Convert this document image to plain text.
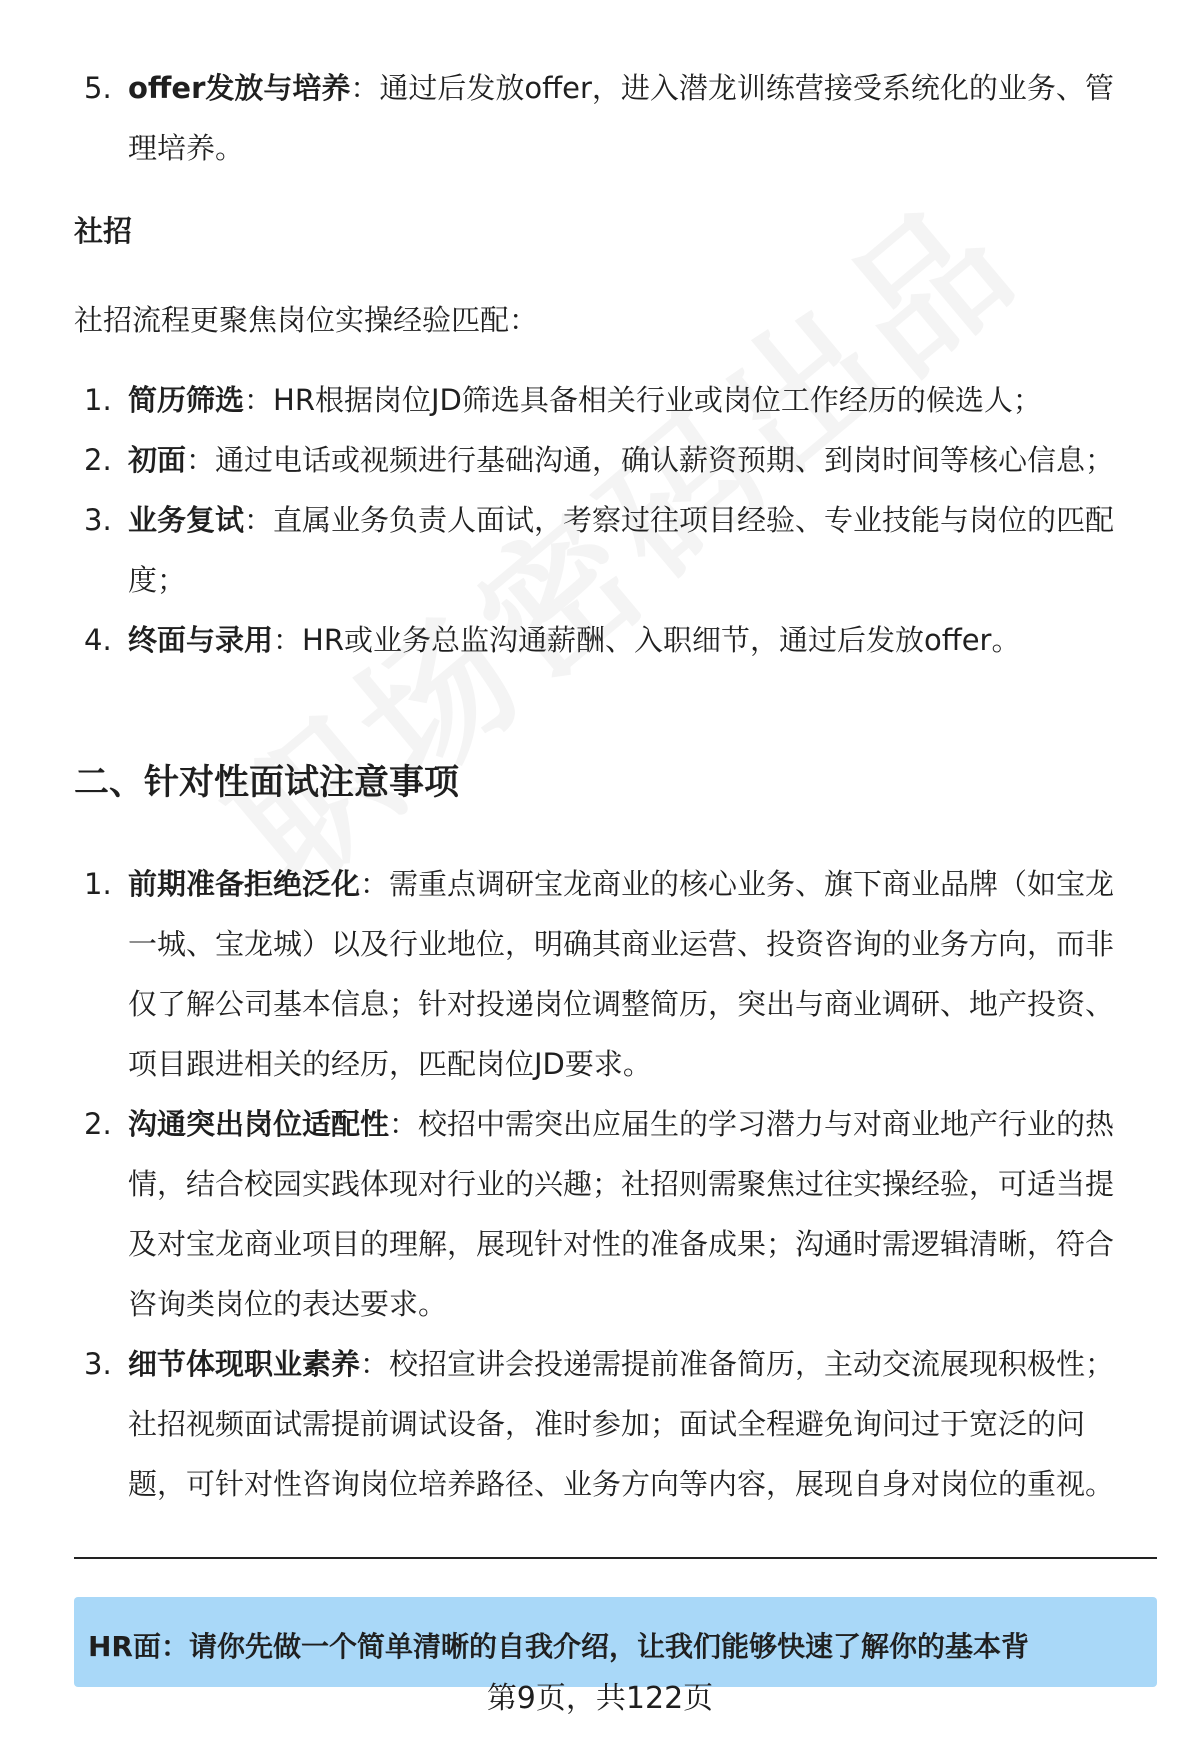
5. offer发放与培养：通过后发放offer，进入潜龙训练营接受系统化的业务、管理培养。
社招
社招流程更聚焦岗位实操经验匹配：
1. 简历筛选：HR根据岗位JD筛选具备相关行业或岗位工作经历的候选人；
2. 初面：通过电话或视频进行基础沟通，确认薪资预期、到岗时间等核心信息；
3. 业务复试：直属业务负责人面试，考察过往项目经验、专业技能与岗位的匹配度；
4. 终面与录用：HR或业务总监沟通薪酬、入职细节，通过后发放offer。
二、针对性面试注意事项
1. 前期准备拒绝泛化：需重点调研宝龙商业的核心业务、旗下商业品牌（如宝龙一城、宝龙城）以及行业地位，明确其商业运营、投资咨询的业务方向，而非仅了解公司基本信息；针对投递岗位调整简历，突出与商业调研、地产投资、项目跟进相关的经历，匹配岗位JD要求。
2. 沟通突出岗位适配性：校招中需突出应届生的学习潜力与对商业地产行业的热情，结合校园实践体现对行业的兴趣；社招则需聚焦过往实操经验，可适当提及对宝龙商业项目的理解，展现针对性的准备成果；沟通时需逻辑清晰，符合咨询类岗位的表达要求。
3. 细节体现职业素养：校招宣讲会投递需提前准备简历，主动交流展现积极性；社招视频面试需提前调试设备，准时参加；面试全程避免询问过于宽泛的问题，可针对性咨询岗位培养路径、业务方向等内容，展现自身对岗位的重视。
HR面：请你先做一个简单清晰的自我介绍，让我们能够快速了解你的基本背
第9页，共122页
